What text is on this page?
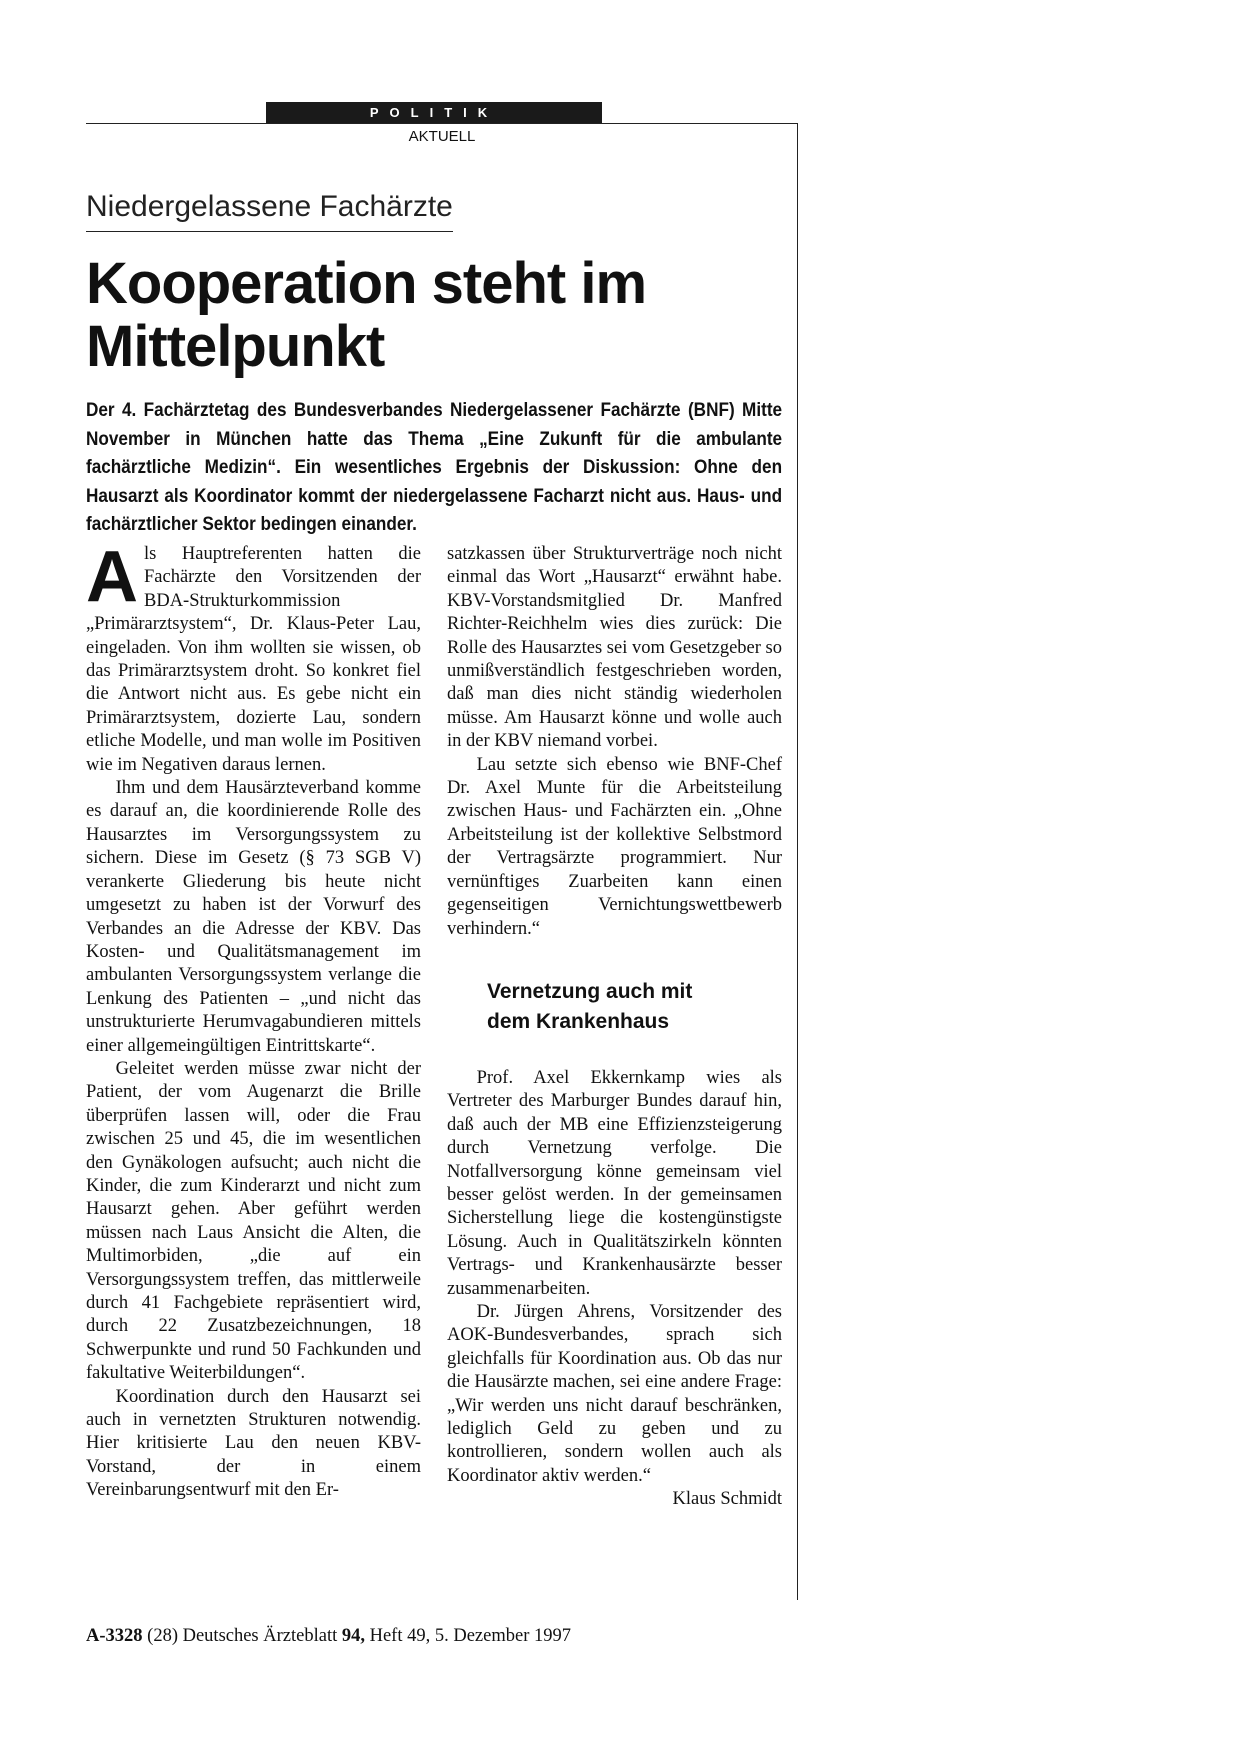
POLITIK
AKTUELL
Niedergelassene Fachärzte
Kooperation steht im
Mittelpunkt
Der 4. Fachärztetag des Bundesverbandes Niedergelassener Fachärzte (BNF) Mitte November in München hatte das Thema „Eine Zukunft für die ambulante fachärztliche Medizin“. Ein wesentliches Ergebnis der Diskussion: Ohne den Hausarzt als Koordinator kommt der niedergelassene Facharzt nicht aus. Haus- und fachärztlicher Sektor bedingen einander.

Als Hauptreferenten hatten die Fachärzte den Vorsitzenden der BDA-Strukturkommission „Primärarztsystem“, Dr. Klaus-Peter Lau, eingeladen. Von ihm wollten sie wissen, ob das Primärarztsystem droht. So konkret fiel die Antwort nicht aus. Es gebe nicht ein Primärarztsystem, dozierte Lau, sondern etliche Modelle, und man wolle im Positiven wie im Negativen daraus lernen.

Ihm und dem Hausärzteverband komme es darauf an, die koordinierende Rolle des Hausarztes im Versorgungssystem zu sichern. Diese im Gesetz (§ 73 SGB V) verankerte Gliederung bis heute nicht umgesetzt zu haben ist der Vorwurf des Verbandes an die Adresse der KBV. Das Kosten- und Qualitätsmanagement im ambulanten Versorgungssystem verlange die Lenkung des Patienten – „und nicht das unstrukturierte Herumvagabundieren mittels einer allgemeingültigen Eintrittskarte“.

Geleitet werden müsse zwar nicht der Patient, der vom Augenarzt die Brille überprüfen lassen will, oder die Frau zwischen 25 und 45, die im wesentlichen den Gynäkologen aufsucht; auch nicht die Kinder, die zum Kinderarzt und nicht zum Hausarzt gehen. Aber geführt werden müssen nach Laus Ansicht die Alten, die Multimorbiden, „die auf ein Versorgungssystem treffen, das mittlerweile durch 41 Fachgebiete repräsentiert wird, durch 22 Zusatzbezeichnungen, 18 Schwerpunkte und rund 50 Fachkunden und fakultative Weiterbildungen“.

Koordination durch den Hausarzt sei auch in vernetzten Strukturen notwendig. Hier kritisierte Lau den neuen KBV-Vorstand, der in einem Vereinbarungsentwurf mit den Er-

satzkassen über Strukturverträge noch nicht einmal das Wort „Hausarzt“ erwähnt habe. KBV-Vorstandsmitglied Dr. Manfred Richter-Reichhelm wies dies zurück: Die Rolle des Hausarztes sei vom Gesetzgeber so unmißverständlich festgeschrieben worden, daß man dies nicht ständig wiederholen müsse. Am Hausarzt könne und wolle auch in der KBV niemand vorbei.

Lau setzte sich ebenso wie BNF-Chef Dr. Axel Munte für die Arbeitsteilung zwischen Haus- und Fachärzten ein. „Ohne Arbeitsteilung ist der kollektive Selbstmord der Vertragsärzte programmiert. Nur vernünftiges Zuarbeiten kann einen gegenseitigen Vernichtungswettbewerb verhindern.“

Vernetzung auch mit
dem Krankenhaus

Prof. Axel Ekkernkamp wies als Vertreter des Marburger Bundes darauf hin, daß auch der MB eine Effizienzsteigerung durch Vernetzung verfolge. Die Notfallversorgung könne gemeinsam viel besser gelöst werden. In der gemeinsamen Sicherstellung liege die kostengünstigste Lösung. Auch in Qualitätszirkeln könnten Vertrags- und Krankenhausärzte besser zusammenarbeiten.

Dr. Jürgen Ahrens, Vorsitzender des AOK-Bundesverbandes, sprach sich gleichfalls für Koordination aus. Ob das nur die Hausärzte machen, sei eine andere Frage: „Wir werden uns nicht darauf beschränken, lediglich Geld zu geben und zu kontrollieren, sondern wollen auch als Koordinator aktiv werden.“
Klaus Schmidt

A-3328 (28) Deutsches Ärzteblatt 94, Heft 49, 5. Dezember 1997
